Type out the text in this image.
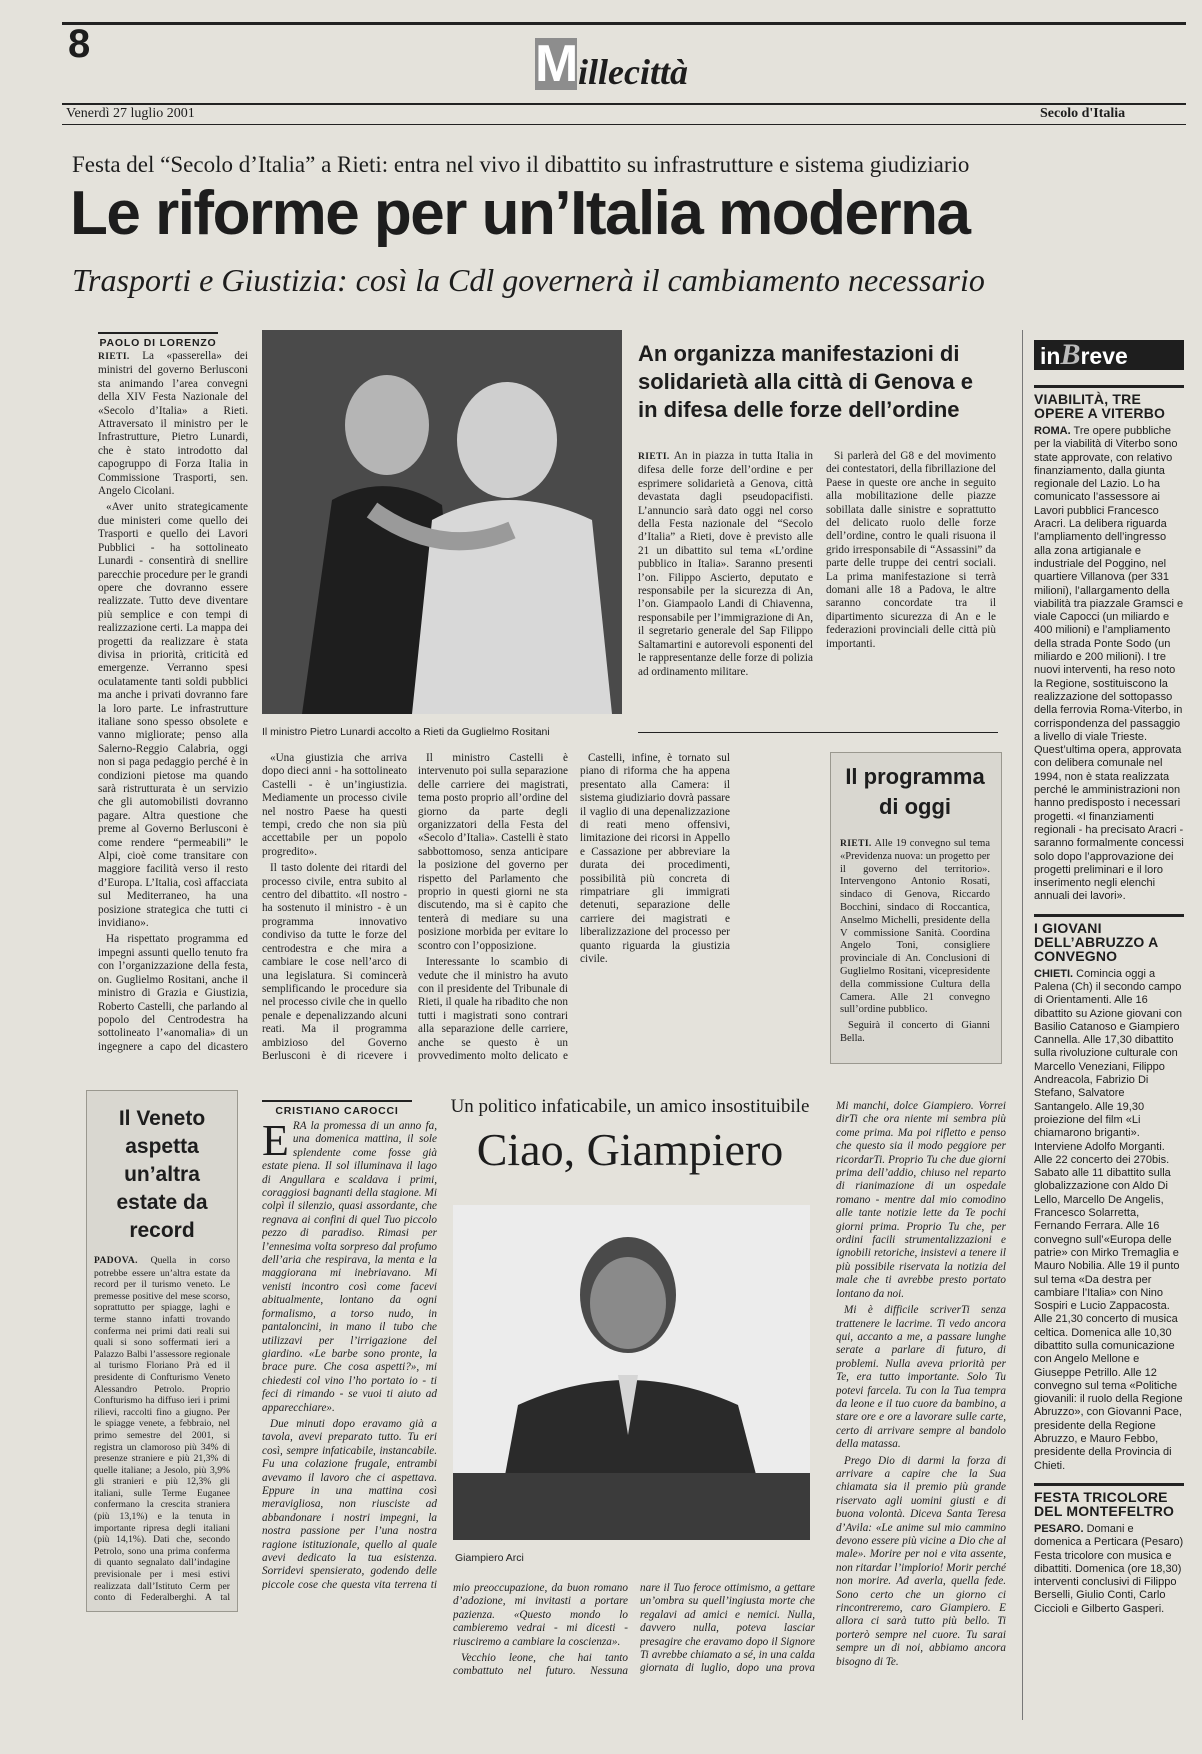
8	M illecittà
Venerdì 27 luglio 2001	Secolo d'Italia
Festa del “Secolo d’Italia” a Rieti: entra nel vivo il dibattito su infrastrutture e sistema giudiziario
Le riforme per un’Italia moderna
Trasporti e Giustizia: così la Cdl governerà il cambiamento necessario
PAOLO DI LORENZO

RIETI. La «passerella» dei ministri del governo Berlusconi sta animando l’area convegni della XIV Festa Nazionale del «Secolo d’Italia» a Rieti. Attraversato il ministro per le Infrastrutture, Pietro Lunardi, che è stato introdotto dal capogruppo di Forza Italia in Commissione Trasporti, sen. Angelo Cicolani.

«Aver unito strategicamente due ministeri come quello dei Trasporti e quello dei Lavori Pubblici - ha sottolineato Lunardi - consentirà di snellire parecchie procedure per le grandi opere che dovranno essere realizzate. Tutto deve diventare più semplice e con tempi di realizzazione certi. La mappa dei progetti da realizzare è stata divisa in priorità, criticità ed emergenze. Verranno spesi oculatamente tanti soldi pubblici ma anche i privati dovranno fare la loro parte. Le infrastrutture italiane sono spesso obsolete e vanno migliorate; penso alla Salerno-Reggio Calabria, oggi non si paga pedaggio perché è in condizioni pietose ma quando sarà ristrutturata è un servizio che gli automobilisti dovranno pagare. Altra questione che preme al Governo Berlusconi è come rendere “permeabili” le Alpi, cioè come transitare con maggiore facilità verso il resto d’Europa. L’Italia, così affacciata sul Mediterraneo, ha una posizione strategica che tutti ci invidiano».

Ha rispettato programma ed impegni assunti quello tenuto fra con l’organizzazione della festa, on. Guglielmo Rositani, anche il ministro di Grazia e Giustizia, Roberto Castelli, che parlando al popolo del Centrodestra ha sottolineato l’«anomalia» di un ingegnere a capo del dicastero

Il ministro Pietro Lunardi accolto a Rieti da Guglielmo Rositani

«Una giustizia che arriva dopo dieci anni - ha sottolineato Castelli - è un’ingiustizia. Mediamente un processo civile nel nostro Paese ha questi tempi, credo che non sia più accettabile per un popolo progredito».

Il tasto dolente dei ritardi del processo civile, entra subito al centro del dibattito. «Il nostro - ha sostenuto il ministro - è un programma innovativo condiviso da tutte le forze del centrodestra e che mira a cambiare le cose nell’arco di una legislatura. Si comincerà semplificando le procedure sia nel processo civile che in quello penale e depenalizzando alcuni reati. Ma il programma ambizioso del Governo Berlusconi è di ricevere i

Il ministro Castelli è intervenuto poi sulla separazione delle carriere dei magistrati, tema posto proprio all’ordine del giorno da parte degli organizzatori della Festa del «Secolo d’Italia». Castelli è stato sabbottomoso, senza anticipare la posizione del governo per rispetto del Parlamento che proprio in questi giorni ne sta discutendo, ma si è capito che tenterà di mediare su una posizione morbida per evitare lo scontro con l’opposizione.

Interessante lo scambio di vedute che il ministro ha avuto con il presidente del Tribunale di Rieti, il quale ha ribadito che non tutti i magistrati sono contrari alla separazione delle carriere, anche se questo è un provvedimento molto delicato e

Castelli, infine, è tornato sul piano di riforma che ha appena presentato alla Camera: il sistema giudiziario dovrà passare il vaglio di una depenalizzazione di reati meno offensivi, limitazione dei ricorsi in Appello e Cassazione per abbreviare la durata dei procedimenti, possibilità più concreta di rimpatriare gli immigrati detenuti, separazione delle carriere dei magistrati e liberalizzazione del processo per quanto riguarda la giustizia civile.

An organizza manifestazioni di solidarietà alla città di Genova e in difesa delle forze dell’ordine

RIETI. An in piazza in tutta Italia in difesa delle forze dell’ordine e per esprimere solidarietà a Genova, città devastata dagli pseudopacifisti. L’annuncio sarà dato oggi nel corso della Festa nazionale del “Secolo d’Italia” a Rieti, dove è previsto alle 21 un dibattito sul tema «L’ordine pubblico in Italia». Saranno presenti l’on. Filippo Ascierto, deputato e responsabile per la sicurezza di An, l’on. Giampaolo Landi di Chiavenna, responsabile per l’immigrazione di An, il segretario generale del Sap Filippo Saltamartini e autorevoli esponenti del le rappresentanze delle forze di polizia ad ordinamento militare.

Si parlerà del G8 e del movimento dei contestatori, della fibrillazione del Paese in queste ore anche in seguito alla mobilitazione delle piazze sobillata dalle sinistre e soprattutto del delicato ruolo delle forze dell’ordine, contro le quali risuona il grido irresponsabile di “Assassini” da parte delle truppe dei centri sociali. La prima manifestazione si terrà domani alle 18 a Padova, le altre saranno concordate tra il dipartimento sicurezza di An e le federazioni provinciali delle città più importanti.

Il programma di oggi

RIETI. Alle 19 convegno sul tema «Previdenza nuova: un progetto per il governo del territorio». Intervengono Antonio Rosati, sindaco di Genova, Riccardo Bocchini, sindaco di Roccantica, Anselmo Michelli, presidente della V commissione Sanità. Coordina Angelo Toni, consigliere provinciale di An. Conclusioni di Guglielmo Rositani, vicepresidente della commissione Cultura della Camera. Alle 21 convegno sull’ordine pubblico.

Seguirà il concerto di Gianni Bella.

Il Veneto aspetta un’altra estate da record

PADOVA. Quella in corso potrebbe essere un’altra estate da record per il turismo veneto. Le premesse positive del mese scorso, soprattutto per spiagge, laghi e terme stanno infatti trovando conferma nei primi dati reali sui quali si sono soffermati ieri a Palazzo Balbi l’assessore regionale al turismo Floriano Prà ed il presidente di Confturismo Veneto Alessandro Petrolo. Proprio Confturismo ha diffuso ieri i primi rilievi, raccolti fino a giugno. Per le spiagge venete, a febbraio, nel primo semestre del 2001, si registra un clamoroso più 34% di presenze straniere e più 21,3% di quelle italiane; a Jesolo, più 3,9% gli stranieri e più 12,3% gli italiani, sulle Terme Euganee confermano la crescita straniera (più 13,1%) e la tenuta in importante ripresa degli italiani (più 14,1%). Dati che, secondo Petrolo, sono una prima conferma di quanto segnalato dall’indagine previsionale per i mesi estivi realizzata dall’Istituto Cerm per conto di Federalberghi. A tal

CRISTIANO CAROCCI	Un politico infaticabile, un amico insostituibile
Ciao, Giampiero

ERA la promessa di un anno fa, una domenica mattina, il sole splendente come fosse già estate piena. Il sol illuminava il lago di Angullara e scaldava i primi, coraggiosi bagnanti della stagione. Mi colpì il silenzio, quasi assordante, che regnava ai confini di quel Tuo piccolo pezzo di paradiso. Rimasi per l’ennesima volta sorpreso dal profumo dell’aria che respirava, la menta e la maggiorana mi inebriavano. Mi venisti incontro così come facevi abitualmente, lontano da ogni formalismo, a torso nudo, in pantaloncini, in mano il tubo che utilizzavi per l’irrigazione del giardino. «Le barbe sono pronte, la brace pure. Che cosa aspetti?», mi chiedesti col vino l’ho portato io - ti feci di rimando - se vuoi ti aiuto ad apparecchiare».

Due minuti dopo eravamo già a tavola, avevi preparato tutto. Tu eri così, sempre infaticabile, instancabile. Fu una colazione frugale, entrambi avevamo il lavoro che ci aspettava. Eppure in una mattina così meravigliosa, non riusciste ad abbandonare i nostri impegni, la nostra passione per l’una nostra ragione istituzionale, quello al quale avevi dedicato la tua esistenza. Sorridevi spensierato, godendo delle piccole cose che questa vita terrena ti

Giampiero Arci

Mi manchi, dolce Giampiero. Vorrei dirTi che ora niente mi sembra più come prima. Ma poi rifletto e penso che questo sia il modo peggiore per ricordarTi. Proprio Tu che due giorni prima dell’addio, chiuso nel reparto di rianimazione di un ospedale romano - mentre dal mio comodino alle tante notizie lette da Te pochi giorni prima. Proprio Tu che, per ordini facili strumentalizzazioni e ignobili retoriche, insistevi a tenere il più possibile riservata la notizia del male che ti avrebbe presto portato lontano da noi.

Mi è difficile scriverTi senza trattenere le lacrime. Ti vedo ancora qui, accanto a me, a passare lunghe serate a parlare di futuro, di problemi. Nulla aveva priorità per Te, era tutto importante. Solo Tu potevi farcela. Tu con la Tua tempra da leone e il tuo cuore da bambino, a stare ore e ore a lavorare sulle carte, certo di arrivare sempre al bandolo della matassa.

Prego Dio di darmi la forza di arrivare a capire che la Sua chiamata sia il premio più grande riservato agli uomini giusti e di buona volontà. Diceva Santa Teresa d’Avila: «Le anime sul mio cammino devono essere più vicine a Dio che al male». Morire per noi e vita assente, non ritardar l’implorio! Morir perché non morire. Ad averla, quella fede. Sono certo che un giorno ci rincontreremo, caro Giampiero. E allora ci sarà tutto più bello. Ti porterò sempre nel cuore. Tu sarai sempre un di noi, abbiamo ancora bisogno di Te.

mio preoccupazione, da buon romano d’adozione, mi invitasti a portare pazienza. «Questo mondo lo cambieremo vedrai - mi dicesti - riusciremo a cambiare la coscienza».

Vecchio leone, che hai tanto combattuto nel futuro. Nessuna

nare il Tuo feroce ottimismo, a gettare un’ombra su quell’ingiusta morte che regalavi ad amici e nemici. Nulla, davvero nulla, poteva lasciar presagire che eravamo dopo il Signore Ti avrebbe chiamato a sé, in una calda giornata di luglio, dopo una prova

inBreve
VIABILITÀ, TRE OPERE A VITERBO

ROMA. Tre opere pubbliche per la viabilità di Viterbo sono state approvate, con relativo finanziamento, dalla giunta regionale del Lazio. Lo ha comunicato l’assessore ai Lavori pubblici Francesco Aracri. La delibera riguarda l’ampliamento dell’ingresso alla zona artigianale e industriale del Poggino, nel quartiere Villanova (per 331 milioni), l’allargamento della viabilità tra piazzale Gramsci e viale Capocci (un miliardo e 400 milioni) e l’ampliamento della strada Ponte Sodo (un miliardo e 200 milioni). I tre nuovi interventi, ha reso noto la Regione, sostituiscono la realizzazione del sottopasso della ferrovia Roma-Viterbo, in corrispondenza del passaggio a livello di viale Trieste. Quest’ultima opera, approvata con delibera comunale nel 1994, non è stata realizzata perché le amministrazioni non hanno predisposto i necessari progetti. «I finanziamenti regionali - ha precisato Aracri - saranno formalmente concessi solo dopo l’approvazione dei progetti preliminari e il loro inserimento negli elenchi annuali dei lavori».

I GIOVANI DELL’ABRUZZO A CONVEGNO

CHIETI. Comincia oggi a Palena (Ch) il secondo campo di Orientamenti. Alle 16 dibattito su Azione giovani con Basilio Catanoso e Giampiero Cannella. Alle 17,30 dibattito sulla rivoluzione culturale con Marcello Veneziani, Filippo Andreacola, Fabrizio Di Stefano, Salvatore Santangelo. Alle 19,30 proiezione del film «Li chiamarono briganti». Interviene Adolfo Morganti. Alle 22 concerto dei 270bis. Sabato alle 11 dibattito sulla globalizzazione con Aldo Di Lello, Marcello De Angelis, Francesco Solarretta, Fernando Ferrara. Alle 16 convegno sull’«Europa delle patrie» con Mirko Tremaglia e Mauro Nobilia. Alle 19 il punto sul tema «Da destra per cambiare l’Italia» con Nino Sospiri e Lucio Zappacosta. Alle 21,30 concerto di musica celtica. Domenica alle 10,30 dibattito sulla comunicazione con Angelo Mellone e Giuseppe Petrillo. Alle 12 convegno sul tema «Politiche giovanili: il ruolo della Regione Abruzzo», con Giovanni Pace, presidente della Regione Abruzzo, e Mauro Febbo, presidente della Provincia di Chieti.

FESTA TRICOLORE DEL MONTEFELTRO

PESARO. Domani e domenica a Perticara (Pesaro) Festa tricolore con musica e dibattiti. Domenica (ore 18,30) interventi conclusivi di Filippo Berselli, Giulio Conti, Carlo Ciccioli e Gilberto Gasperi.
